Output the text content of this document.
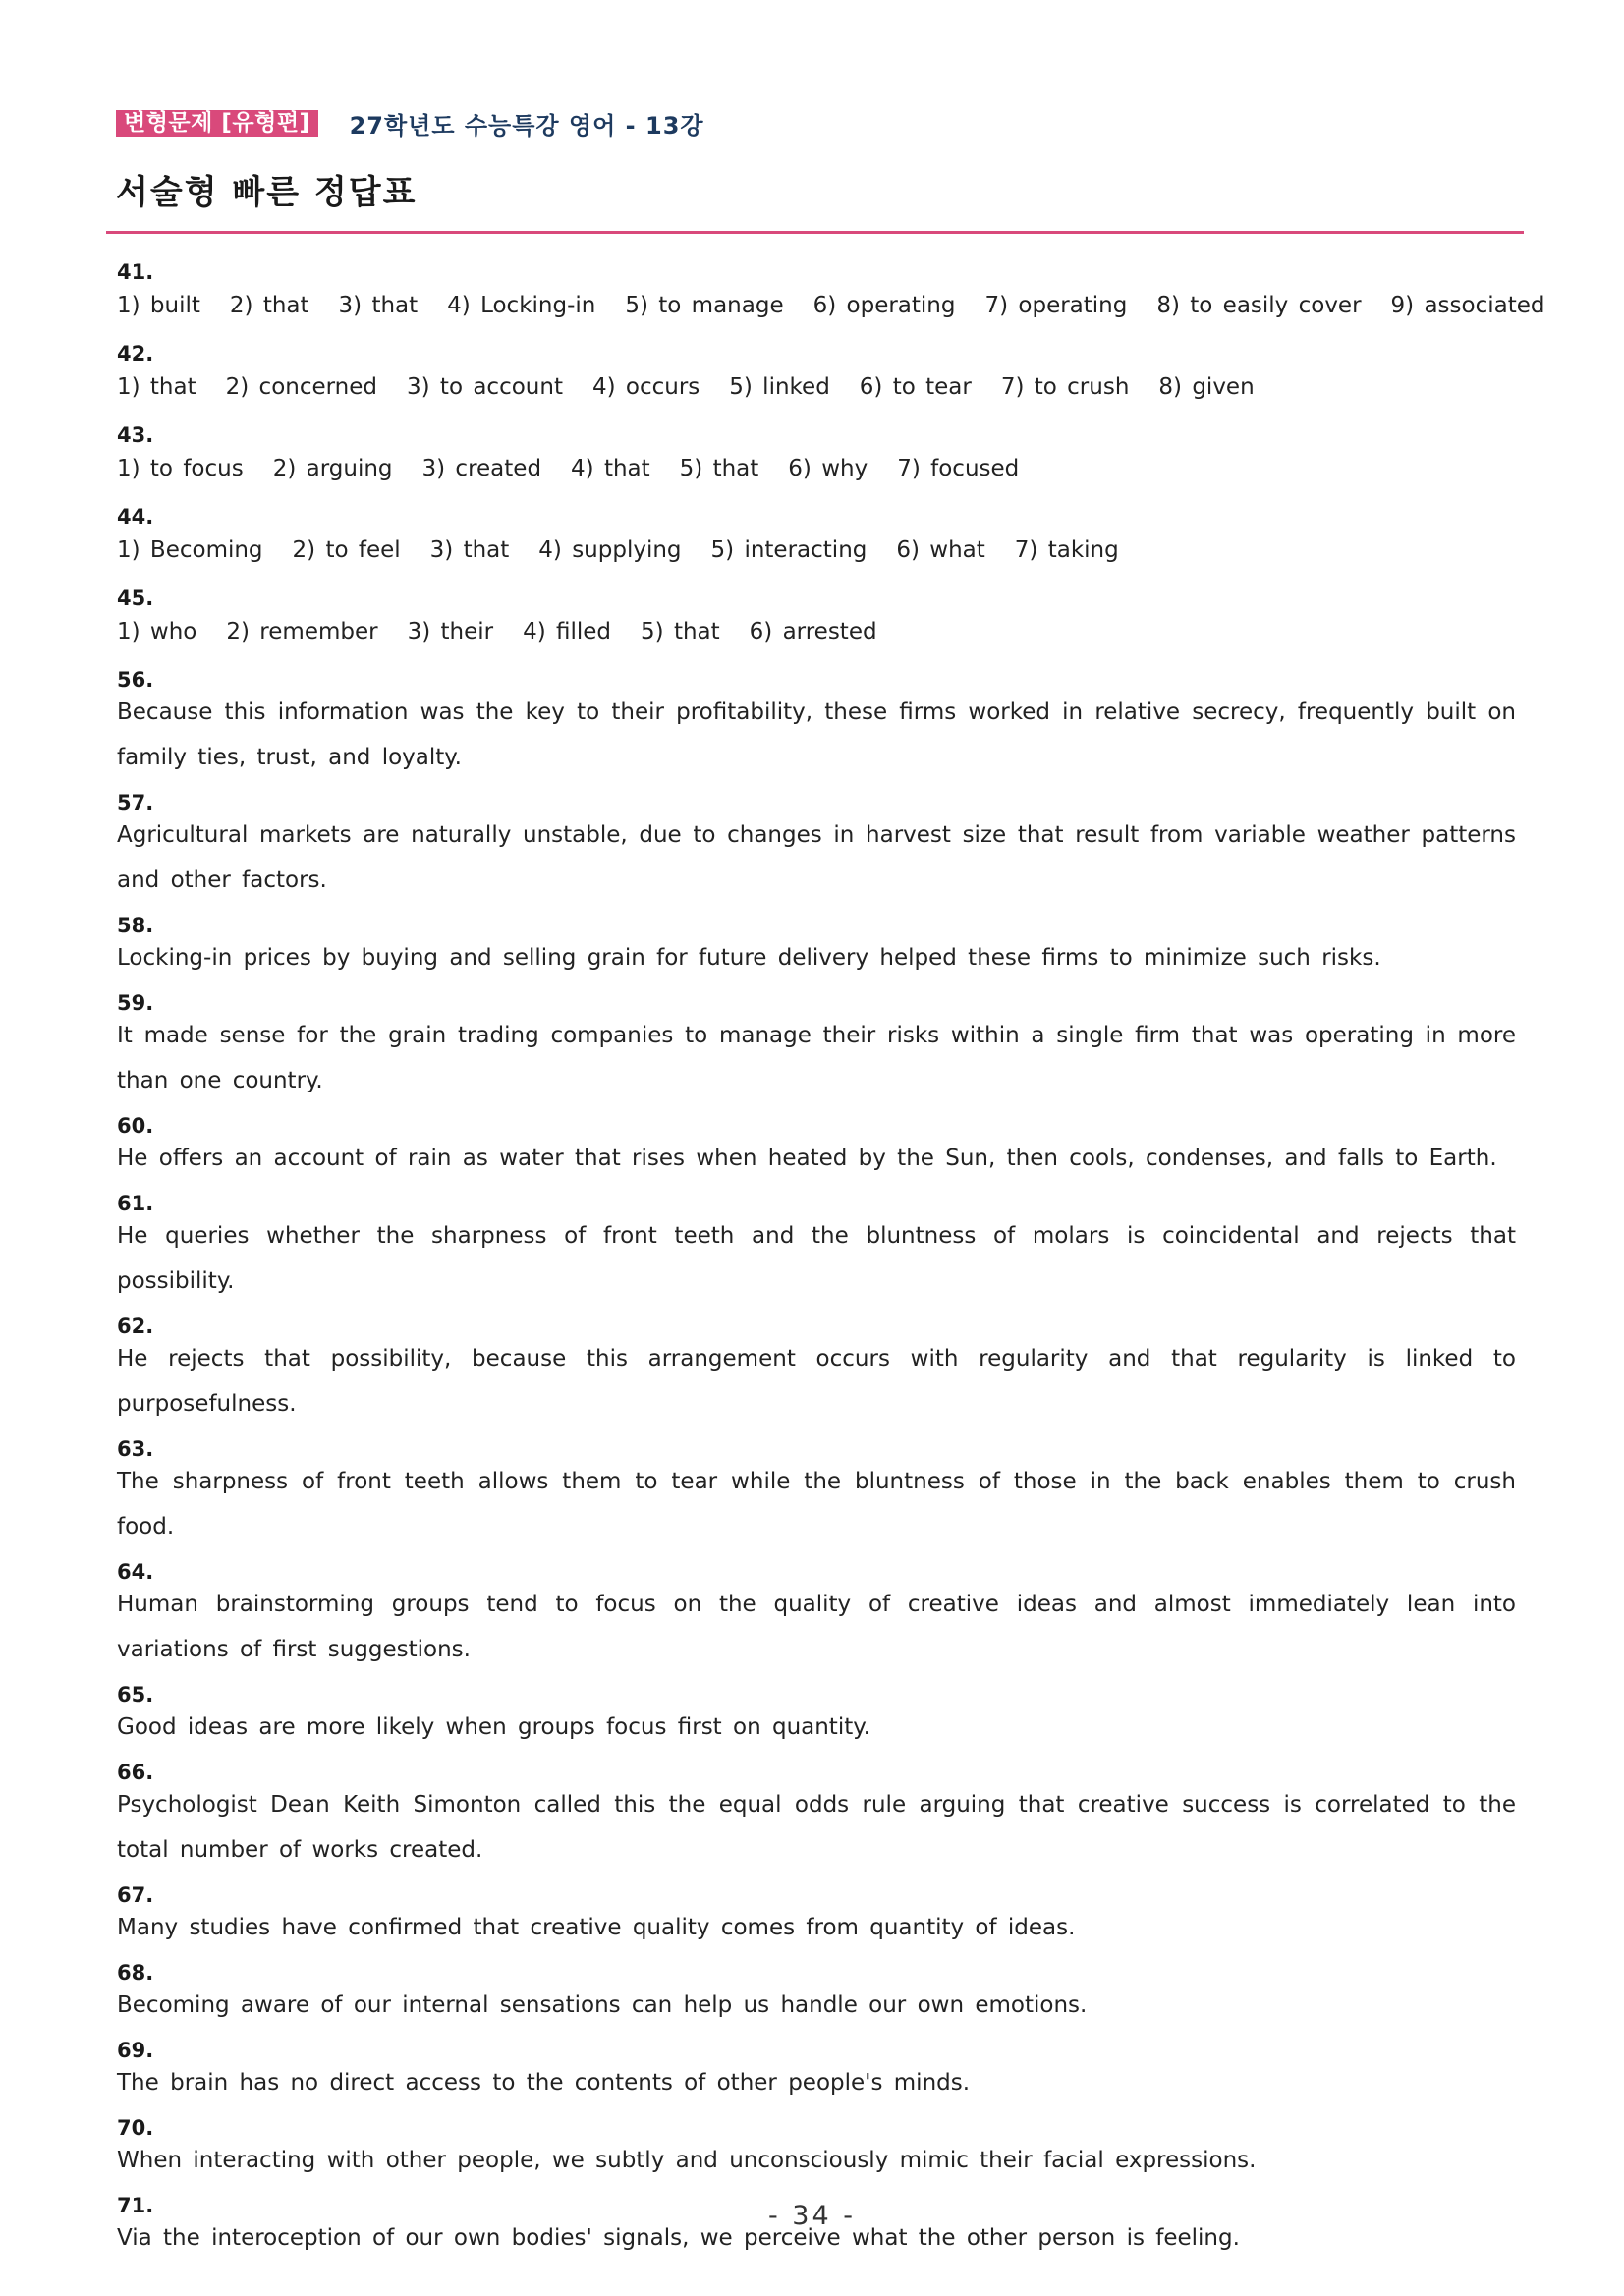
변형문제 [유형편]	27학년도 수능특강 영어 - 13강
서술형 빠른 정답표
41.
1) built 2) that 3) that 4) Locking-in 5) to manage 6) operating 7) operating 8) to easily cover 9) associated
42.
1) that 2) concerned 3) to account 4) occurs 5) linked 6) to tear 7) to crush 8) given
43.
1) to focus 2) arguing 3) created 4) that 5) that 6) why 7) focused
44.
1) Becoming 2) to feel 3) that 4) supplying 5) interacting 6) what 7) taking
45.
1) who 2) remember 3) their 4) filled 5) that 6) arrested
56.
Because this information was the key to their profitability, these firms worked in relative secrecy, frequently built on family ties, trust, and loyalty.
57.
Agricultural markets are naturally unstable, due to changes in harvest size that result from variable weather patterns and other factors.
58.
Locking-in prices by buying and selling grain for future delivery helped these firms to minimize such risks.
59.
It made sense for the grain trading companies to manage their risks within a single firm that was operating in more than one country.
60.
He offers an account of rain as water that rises when heated by the Sun, then cools, condenses, and falls to Earth.
61.
He queries whether the sharpness of front teeth and the bluntness of molars is coincidental and rejects that possibility.
62.
He rejects that possibility, because this arrangement occurs with regularity and that regularity is linked to purposefulness.
63.
The sharpness of front teeth allows them to tear while the bluntness of those in the back enables them to crush food.
64.
Human brainstorming groups tend to focus on the quality of creative ideas and almost immediately lean into variations of first suggestions.
65.
Good ideas are more likely when groups focus first on quantity.
66.
Psychologist Dean Keith Simonton called this the equal odds rule arguing that creative success is correlated to the total number of works created.
67.
Many studies have confirmed that creative quality comes from quantity of ideas.
68.
Becoming aware of our internal sensations can help us handle our own emotions.
69.
The brain has no direct access to the contents of other people's minds.
70.
When interacting with other people, we subtly and unconsciously mimic their facial expressions.
71.
Via the interoception of our own bodies' signals, we perceive what the other person is feeling.
- 34 -
